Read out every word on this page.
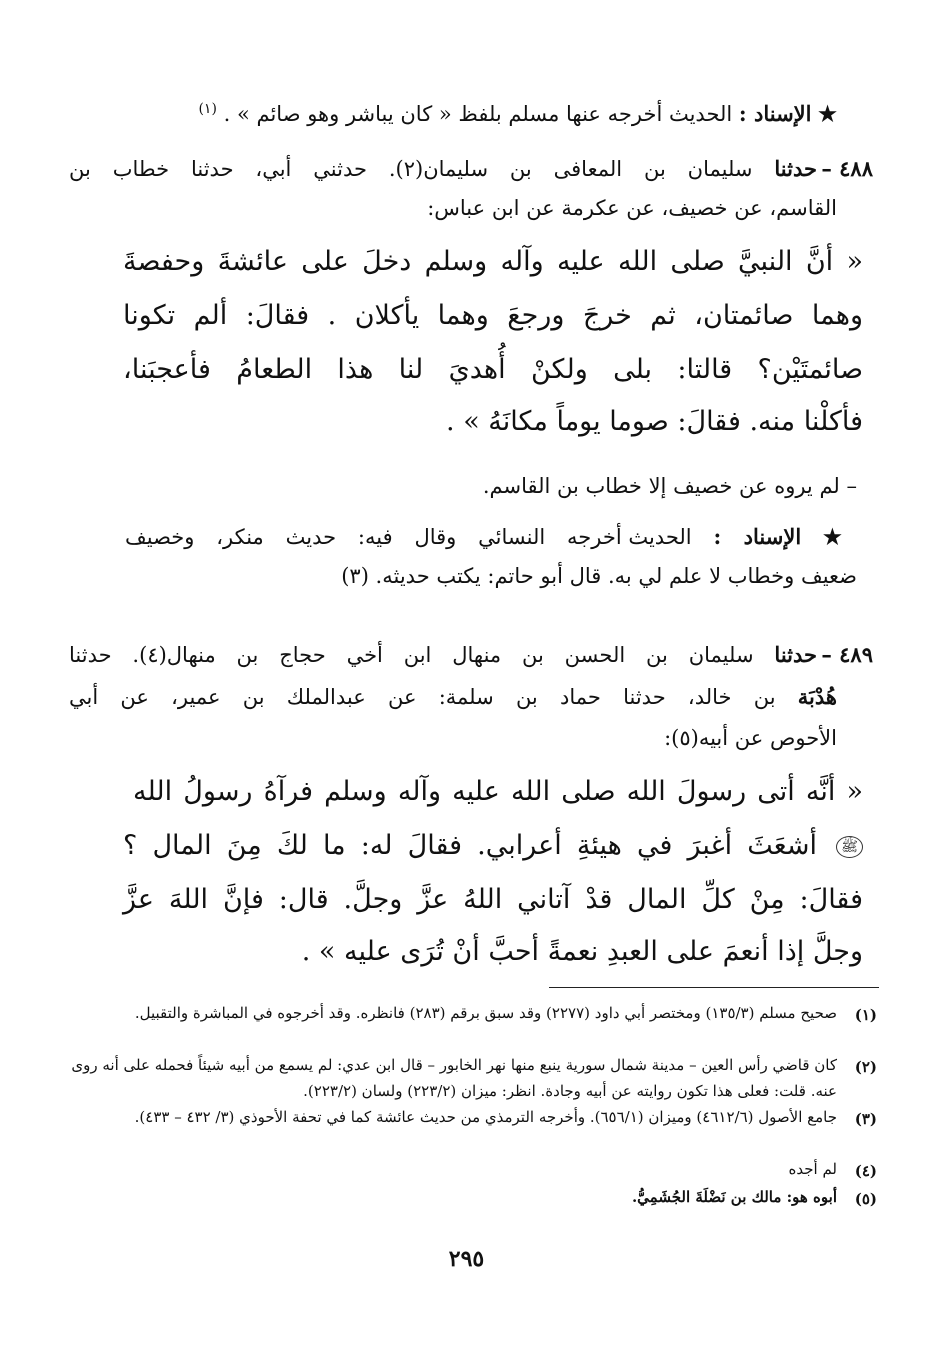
★ الإسناد : الحديث أخرجه عنها مسلم بلفظ « كان يباشر وهو صائم » . $^{(١)}$
٤٨٨ –
حدثنا سليمان بن المعافى بن سليمان(٢). حدثني أبي، حدثنا خطاب بن
القاسم، عن خصيف، عن عكرمة عن ابن عباس:
« أنَّ النبيَّ صلى الله عليه وآله وسلم دخلَ على عائشةَ وحفصةَ
وهما صائمتان، ثم خرجَ ورجعَ وهما يأكلان . فقالَ: ألم تكونا
صائمتَيْن؟ قالتا: بلى ولكنْ أُهديَ لنا هذا الطعامُ فأعجبَنا،
فأكلْنا منه. فقالَ: صوما يوماً مكانَهُ » .
– لم يروه عن خصيف إلا خطاب بن القاسم.
★ الإسناد : الحديث أخرجه النسائي وقال فيه: حديث منكر، وخصيف
ضعيف وخطاب لا علم لي به. قال أبو حاتم: يكتب حديثه. (٣)
٤٨٩ –
حدثنا سليمان بن الحسن بن منهال ابن أخي حجاج بن منهال(٤). حدثنا
هُدْبَة بن خالد، حدثنا حماد بن سلمة: عن عبدالملك بن عمير، عن أبي
الأحوص عن أبيه(٥):
« أنَّه أتى رسولَ الله صلى الله عليه وآله وسلم فرآهُ رسولُ الله
ﷺ أشعَثَ أغبرَ في هيئةِ أعرابي. فقالَ له: ما لكَ مِنَ المال ؟
فقالَ: مِنْ كلِّ المال قدْ آتاني اللهُ عزَّ وجلَّ. قال: فإنَّ اللهَ عزَّ
وجلَّ إذا أنعمَ على العبدِ نعمةً أحبَّ أنْ تُرَى عليه » .
(١)
صحيح مسلم (١٣٥/٣) ومختصر أبي داود (٢٢٧٧) وقد سبق برقم (٢٨٣) فانظره. وقد أخرجوه في المباشرة والتقبيل.
(٢)
كان قاضي رأس العين – مدينة شمال سورية ينبع منها نهر الخابور – قال ابن عدي: لم يسمع من أبيه شيئاً فحمله على أنه روى عنه. قلت: فعلى هذا تكون روايته عن أبيه وجادة. انظر: ميزان (٢٢٣/٢) ولسان (٢٢٣/٢).
(٣)
جامع الأصول (٤٦١٢/٦) وميزان (٦٥٦/١). وأخرجه الترمذي من حديث عائشة كما في تحفة الأحوذي (٣/ ٤٣٢ – ٤٣٣).
(٤)
لم أجده
(٥)
أبوه هو: مالك بن نَضْلَةَ الجُشَمِيُّ.
٢٩٥
